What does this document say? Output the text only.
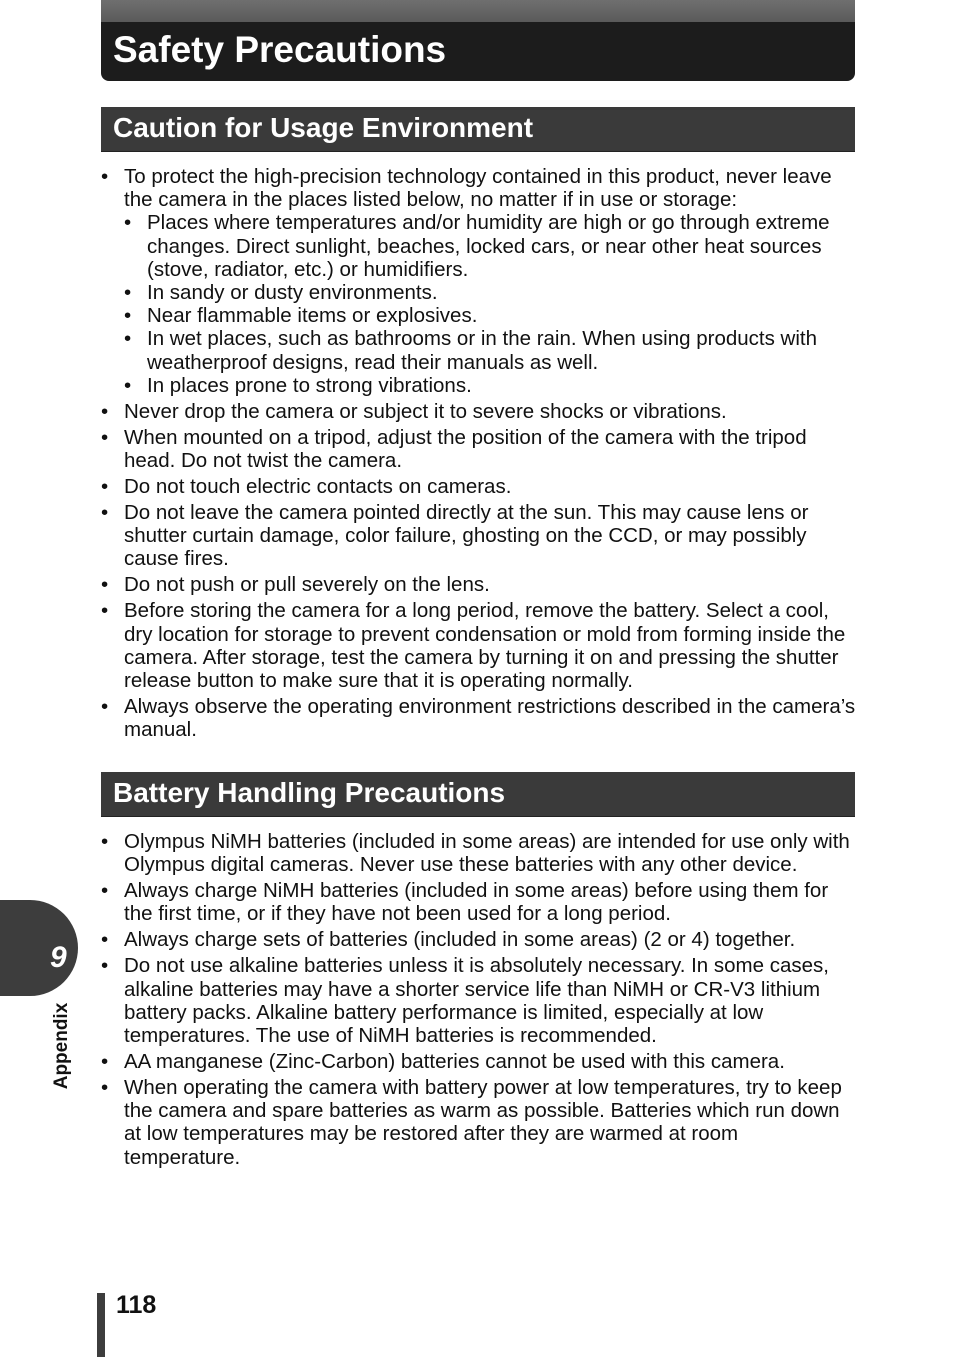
Safety Precautions
Caution for Usage Environment
• To protect the high-precision technology contained in this product, never leave the camera in the places listed below, no matter if in use or storage:
• Places where temperatures and/or humidity are high or go through extreme changes. Direct sunlight, beaches, locked cars, or near other heat sources (stove, radiator, etc.) or humidifiers.
• In sandy or dusty environments.
• Near flammable items or explosives.
• In wet places, such as bathrooms or in the rain. When using products with weatherproof designs, read their manuals as well.
• In places prone to strong vibrations.
• Never drop the camera or subject it to severe shocks or vibrations.
• When mounted on a tripod, adjust the position of the camera with the tripod head. Do not twist the camera.
• Do not touch electric contacts on cameras.
• Do not leave the camera pointed directly at the sun. This may cause lens or shutter curtain damage, color failure, ghosting on the CCD, or may possibly cause fires.
• Do not push or pull severely on the lens.
• Before storing the camera for a long period, remove the battery. Select a cool, dry location for storage to prevent condensation or mold from forming inside the camera. After storage, test the camera by turning it on and pressing the shutter release button to make sure that it is operating normally.
• Always observe the operating environment restrictions described in the camera’s manual.
Battery Handling Precautions
• Olympus NiMH batteries (included in some areas) are intended for use only with Olympus digital cameras. Never use these batteries with any other device.
• Always charge NiMH batteries (included in some areas) before using them for the first time, or if they have not been used for a long period.
• Always charge sets of batteries (included in some areas) (2 or 4) together.
• Do not use alkaline batteries unless it is absolutely necessary. In some cases, alkaline batteries may have a shorter service life than NiMH or CR-V3 lithium battery packs. Alkaline battery performance is limited, especially at low temperatures. The use of NiMH batteries is recommended.
• AA manganese (Zinc-Carbon) batteries cannot be used with this camera.
• When operating the camera with battery power at low temperatures, try to keep the camera and spare batteries as warm as possible. Batteries which run down at low temperatures may be restored after they are warmed at room temperature.
9
Appendix
118
